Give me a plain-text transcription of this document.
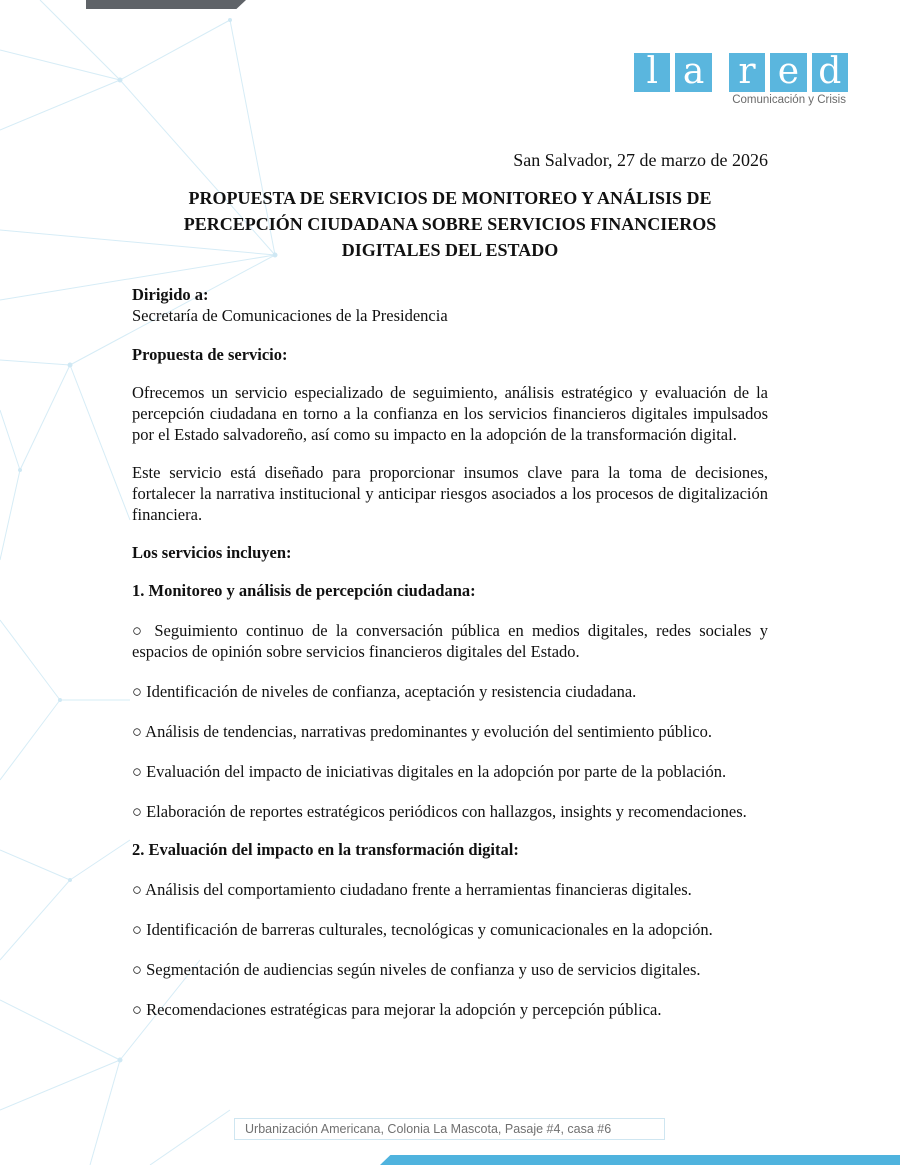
l a r e d
Comunicación y Crisis

San Salvador, 27 de marzo de 2026

PROPUESTA DE SERVICIOS DE MONITOREO Y ANÁLISIS DE
PERCEPCIÓN CIUDADANA SOBRE SERVICIOS FINANCIEROS
DIGITALES DEL ESTADO

Dirigido a:

Secretaría de Comunicaciones de la Presidencia

Propuesta de servicio:

Ofrecemos un servicio especializado de seguimiento, análisis estratégico y evaluación de la percepción ciudadana en torno a la confianza en los servicios financieros digitales impulsados por el Estado salvadoreño, así como su impacto en la adopción de la transformación digital.

Este servicio está diseñado para proporcionar insumos clave para la toma de decisiones, fortalecer la narrativa institucional y anticipar riesgos asociados a los procesos de digitalización financiera.

Los servicios incluyen:

1. Monitoreo y análisis de percepción ciudadana:

○ Seguimiento continuo de la conversación pública en medios digitales, redes sociales y espacios de opinión sobre servicios financieros digitales del Estado.

○ Identificación de niveles de confianza, aceptación y resistencia ciudadana.

○ Análisis de tendencias, narrativas predominantes y evolución del sentimiento público.

○ Evaluación del impacto de iniciativas digitales en la adopción por parte de la población.

○ Elaboración de reportes estratégicos periódicos con hallazgos, insights y recomendaciones.

2. Evaluación del impacto en la transformación digital:

○ Análisis del comportamiento ciudadano frente a herramientas financieras digitales.

○ Identificación de barreras culturales, tecnológicas y comunicacionales en la adopción.

○ Segmentación de audiencias según niveles de confianza y uso de servicios digitales.

○ Recomendaciones estratégicas para mejorar la adopción y percepción pública.

Urbanización Americana, Colonia La Mascota, Pasaje #4, casa #6
